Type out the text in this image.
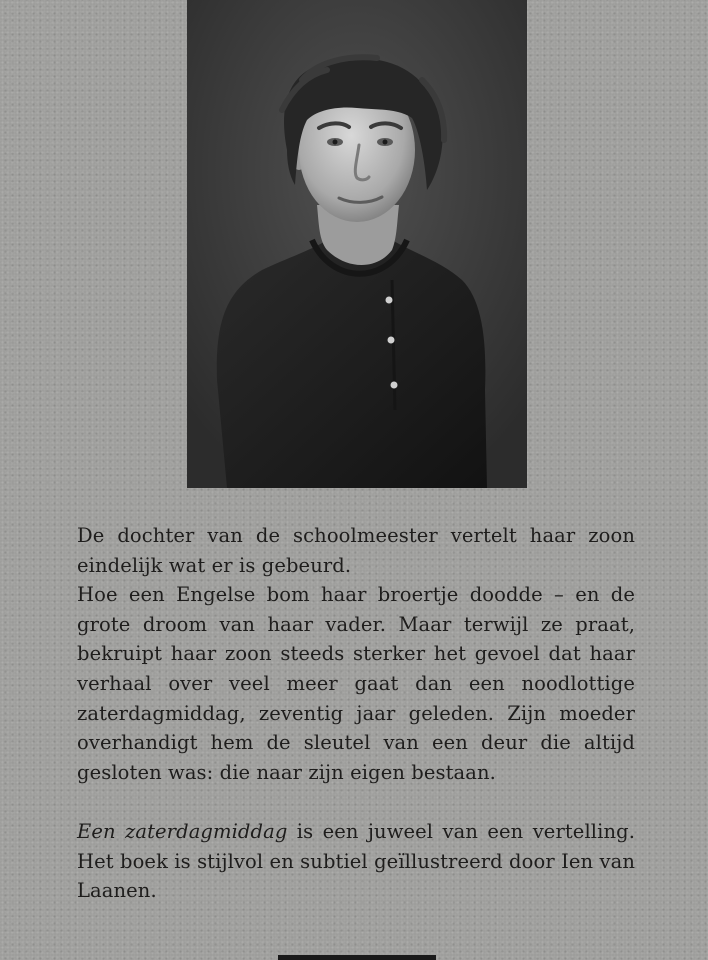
De dochter van de schoolmeester vertelt haar zoon eindelijk wat er is gebeurd.

Hoe een Engelse bom haar broertje doodde – en de grote droom van haar vader. Maar terwijl ze praat, bekruipt haar zoon steeds sterker het gevoel dat haar verhaal over veel meer gaat dan een noodlottige zaterdagmiddag, zeventig jaar geleden. Zijn moeder overhandigt hem de sleutel van een deur die altijd gesloten was: die naar zijn eigen bestaan.

Een zaterdagmiddag is een juweel van een vertelling. Het boek is stijlvol en subtiel geïllustreerd door Ien van Laanen.
